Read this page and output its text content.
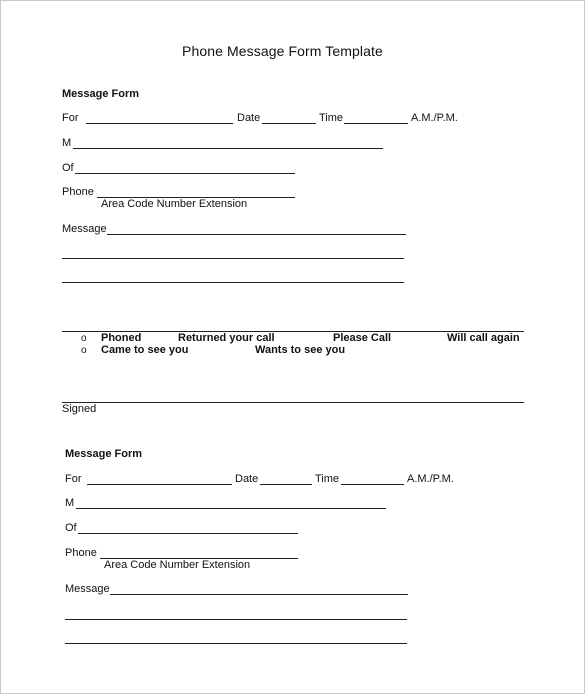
Phone Message Form Template
Message Form
For	Date	Time	A.M./P.M.
M
Of
Phone
Area Code Number Extension
Message
o Phoned	Returned your call	Please Call	Will call again
o Came to see you	Wants to see you
Signed
Message Form
For	Date	Time	A.M./P.M.
M
Of
Phone
Area Code Number Extension
Message
